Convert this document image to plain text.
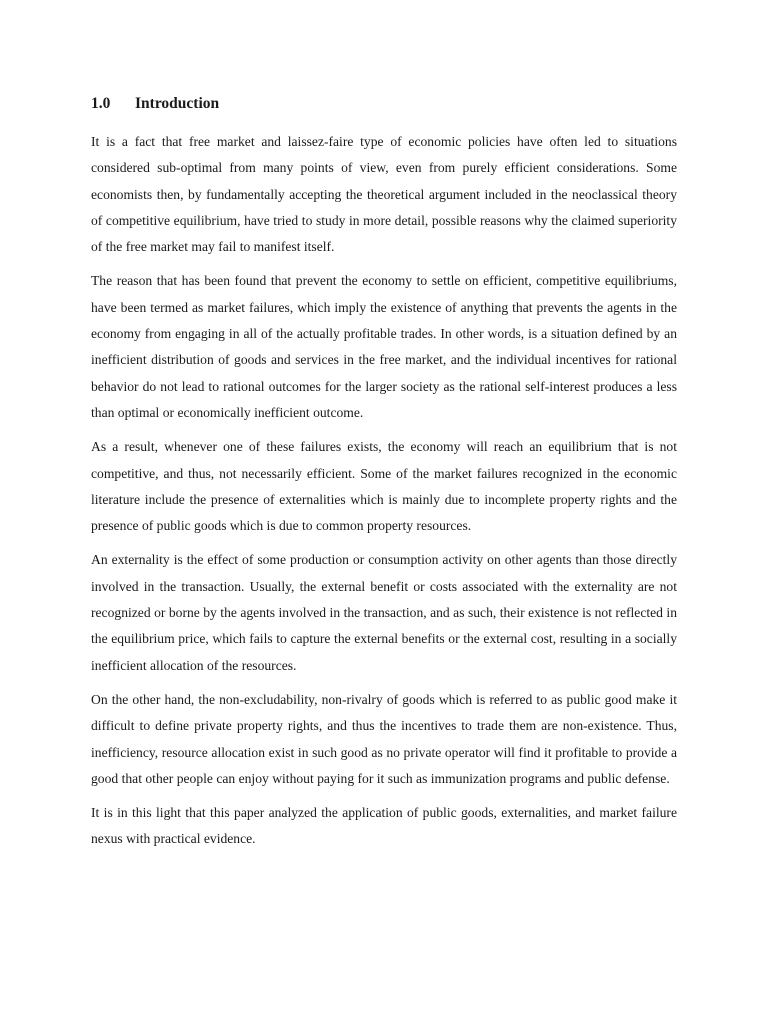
1.0	Introduction

It is a fact that free market and laissez-faire type of economic policies have often led to situations considered sub-optimal from many points of view, even from purely efficient considerations. Some economists then, by fundamentally accepting the theoretical argument included in the neoclassical theory of competitive equilibrium, have tried to study in more detail, possible reasons why the claimed superiority of the free market may fail to manifest itself.

The reason that has been found that prevent the economy to settle on efficient, competitive equilibriums, have been termed as market failures, which imply the existence of anything that prevents the agents in the economy from engaging in all of the actually profitable trades. In other words, is a situation defined by an inefficient distribution of goods and services in the free market, and the individual incentives for rational behavior do not lead to rational outcomes for the larger society as the rational self-interest produces a less than optimal or economically inefficient outcome.

As a result, whenever one of these failures exists, the economy will reach an equilibrium that is not competitive, and thus, not necessarily efficient. Some of the market failures recognized in the economic literature include the presence of externalities which is mainly due to incomplete property rights and the presence of public goods which is due to common property resources.

An externality is the effect of some production or consumption activity on other agents than those directly involved in the transaction. Usually, the external benefit or costs associated with the externality are not recognized or borne by the agents involved in the transaction, and as such, their existence is not reflected in the equilibrium price, which fails to capture the external benefits or the external cost, resulting in a socially inefficient allocation of the resources.

On the other hand, the non-excludability, non-rivalry of goods which is referred to as public good make it difficult to define private property rights, and thus the incentives to trade them are non-existence. Thus, inefficiency, resource allocation exist in such good as no private operator will find it profitable to provide a good that other people can enjoy without paying for it such as immunization programs and public defense.

It is in this light that this paper analyzed the application of public goods, externalities, and market failure nexus with practical evidence.
